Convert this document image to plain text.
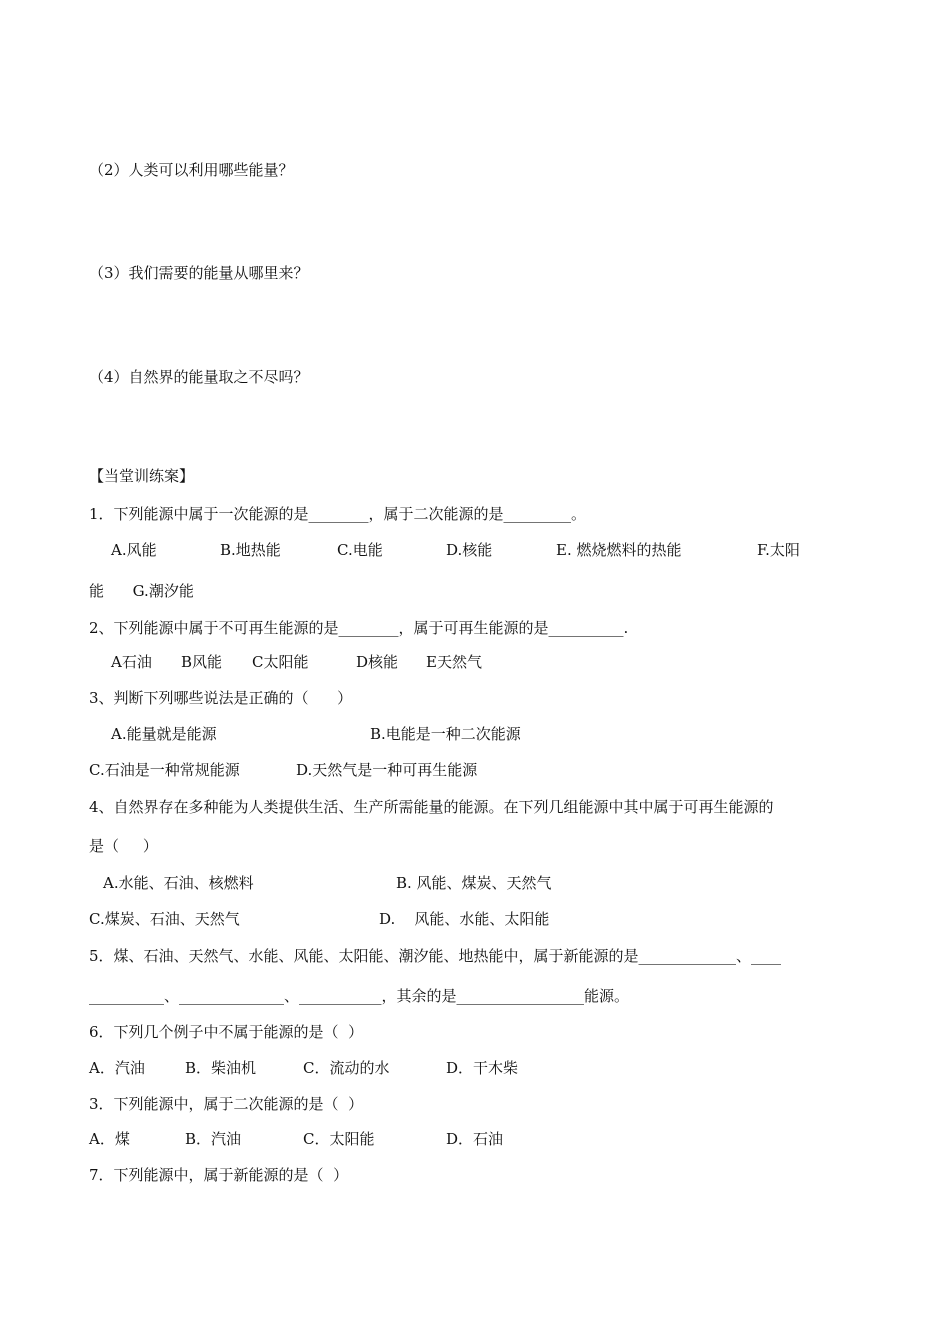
（2）人类可以利用哪些能量？
（3）我们需要的能量从哪里来？
（4）自然界的能量取之不尽吗？
【当堂训练案】
1．下列能源中属于一次能源的是________，属于二次能源的是_________。
A.风能	B.地热能	C.电能	D.核能	E. 燃烧燃料的热能	F.太阳
能      G.潮汐能
2、下列能源中属于不可再生能源的是________，属于可再生能源的是__________.
A石油 B风能 C太阳能	D核能 E天然气
3、判断下列哪些说法是正确的（      ）
A.能量就是能源	B.电能是一种二次能源
C.石油是一种常规能源	D.天然气是一种可再生能源
4、自然界存在多种能为人类提供生活、生产所需能量的能源。在下列几组能源中其中属于可再生能源的
是（     ）
A.水能、石油、核燃料	B. 风能、煤炭、天然气
C.煤炭、石油、天然气	D.    风能、水能、太阳能
5．煤、石油、天然气、水能、风能、太阳能、潮汐能、地热能中，属于新能源的是_____________、____
__________、______________、___________，其余的是_________________能源。
6．下列几个例子中不属于能源的是（  ）
A．汽油	B．柴油机	C．流动的水	D．干木柴
3．下列能源中，属于二次能源的是（  ）
A．煤	B．汽油	C．太阳能	D．石油
7．下列能源中，属于新能源的是（  ）
